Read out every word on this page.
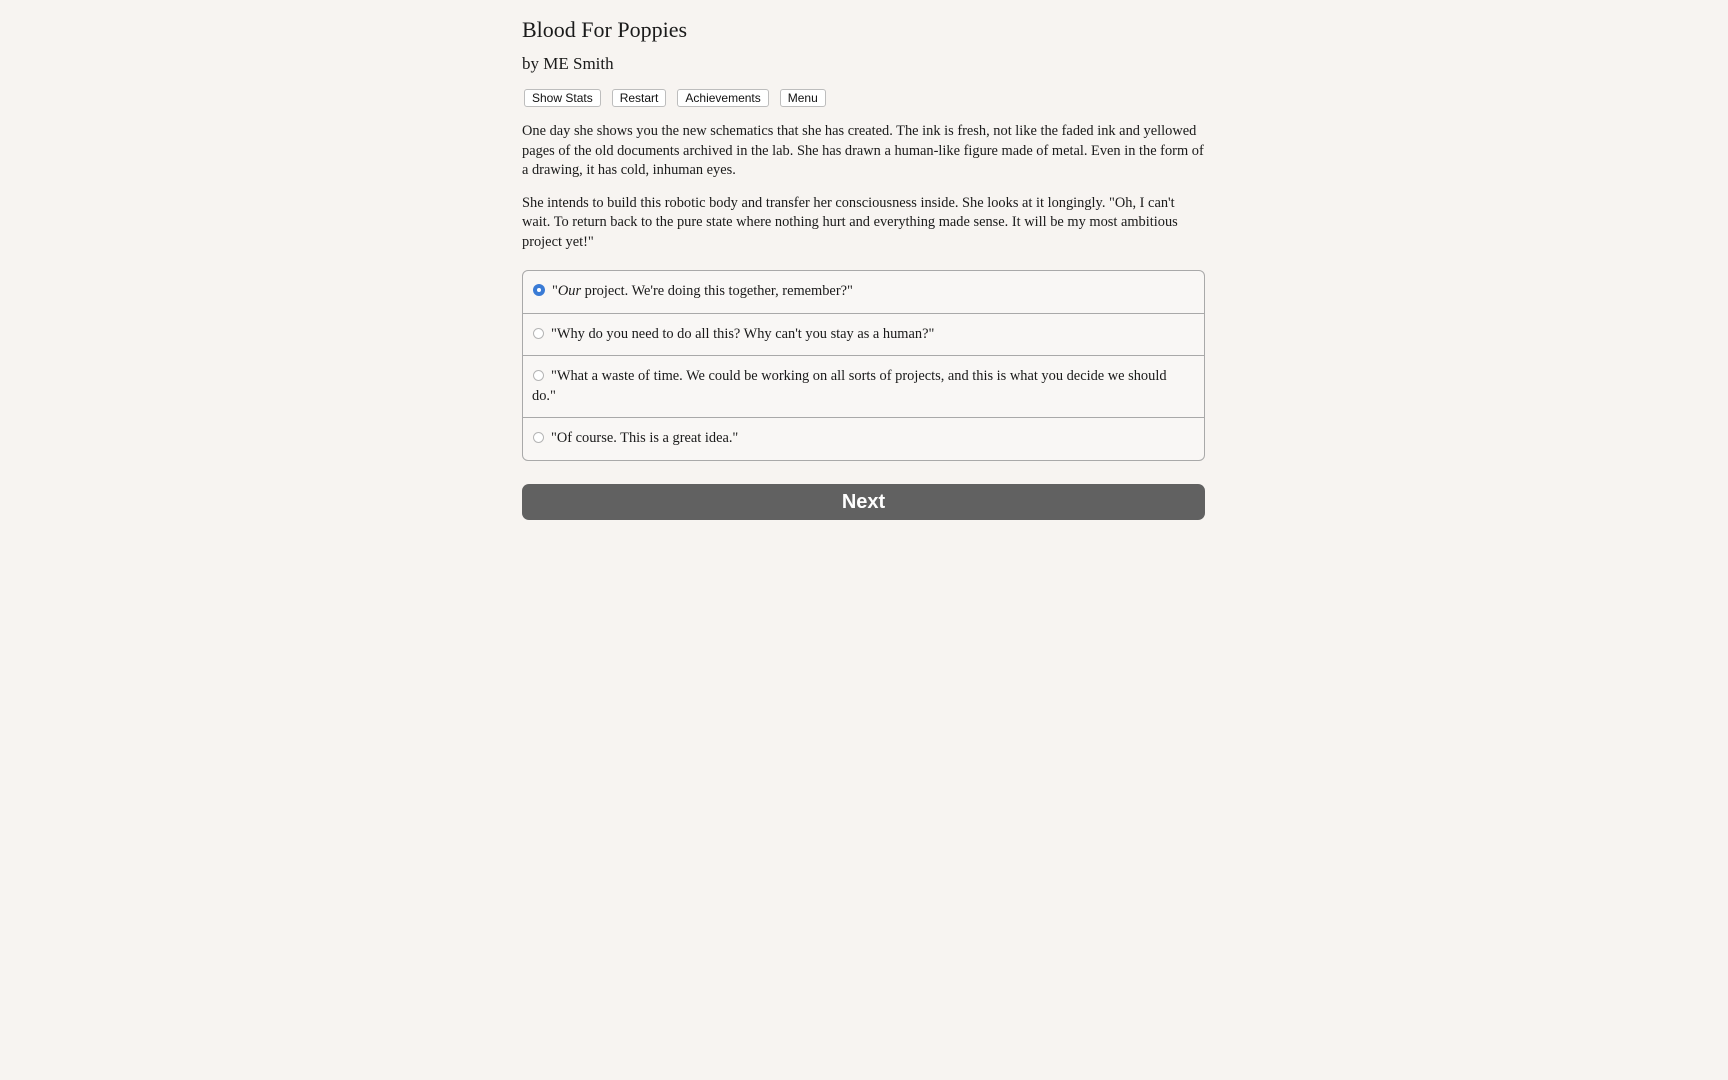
Blood For Poppies
by ME Smith
Show Stats	Restart	Achievements	Menu

One day she shows you the new schematics that she has created. The ink is fresh, not like the faded ink and yellowed pages of the old documents archived in the lab. She has drawn a human-like figure made of metal. Even in the form of a drawing, it has cold, inhuman eyes.

She intends to build this robotic body and transfer her consciousness inside. She looks at it longingly. "Oh, I can't wait. To return back to the pure state where nothing hurt and everything made sense. It will be my most ambitious project yet!"

"Our project. We're doing this together, remember?"
"Why do you need to do all this? Why can't you stay as a human?"
"What a waste of time. We could be working on all sorts of projects, and this is what you decide we should do."
"Of course. This is a great idea."
Next
